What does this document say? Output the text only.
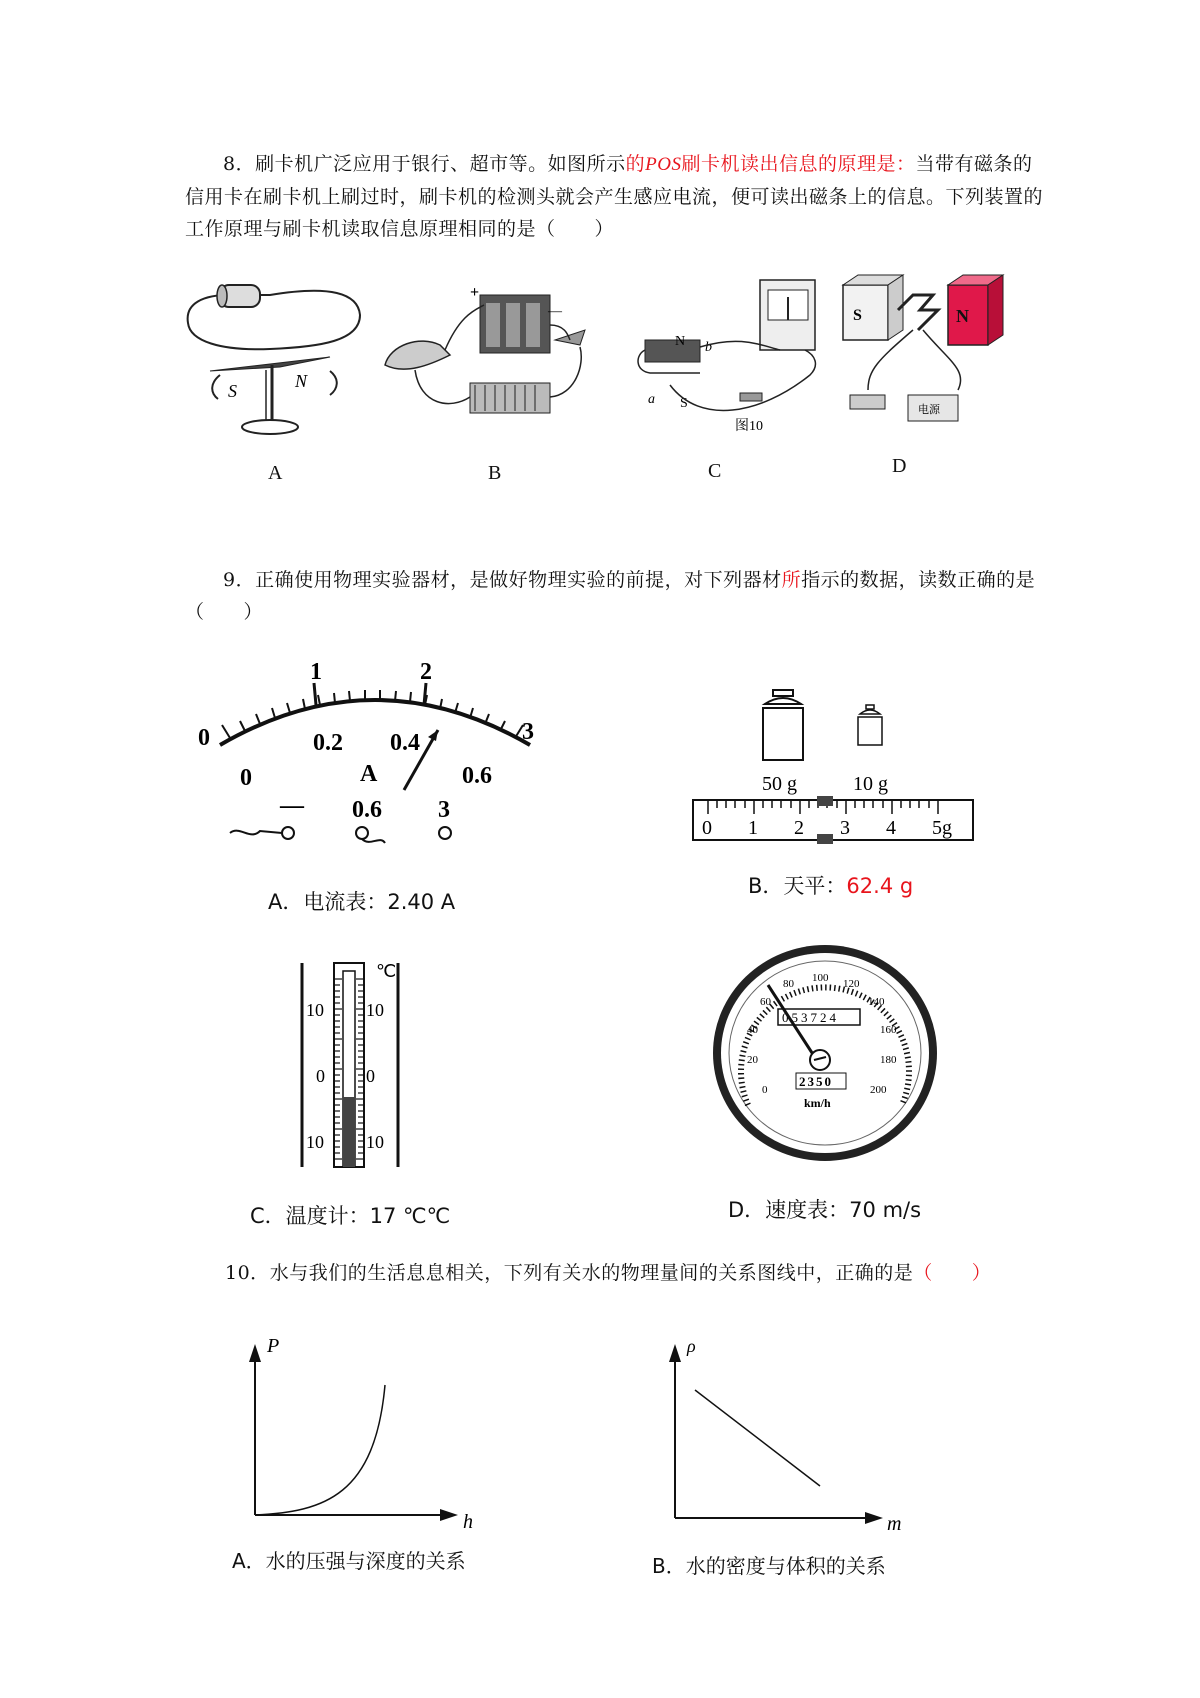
8．刷卡机广泛应用于银行、超市等。如图所示的POS刷卡机读出信息的原理是：当带有磁条的信用卡在刷卡机上刷过时，刷卡机的检测头就会产生感应电流，便可读出磁条上的信息。下列装置的工作原理与刷卡机读取信息原理相同的是（　　）
S	N
A
+
—
B
N b
a S
图10
C
S	N
电源
D
9．正确使用物理实验器材，是做好物理实验的前提，对下列器材所指示的数据，读数正确的是（　　）
0
1	2
3
0
0.2 0.4
0.6
A
— 0.6 3
A．电流表：2.40 A
50 g	10 g
0 1 2 3 4 5g
B．天平：62.4 g
℃
10
0
10
10
0
10
C．温度计：17 ℃℃
0
20
40
60
80 100 120
140
160
180
200
053724
2350
km/h
D．速度表：70 m/s
10．水与我们的生活息息相关，下列有关水的物理量间的关系图线中，正确的是（　　）
P
h
A．水的压强与深度的关系
ρ
m
B．水的密度与体积的关系
